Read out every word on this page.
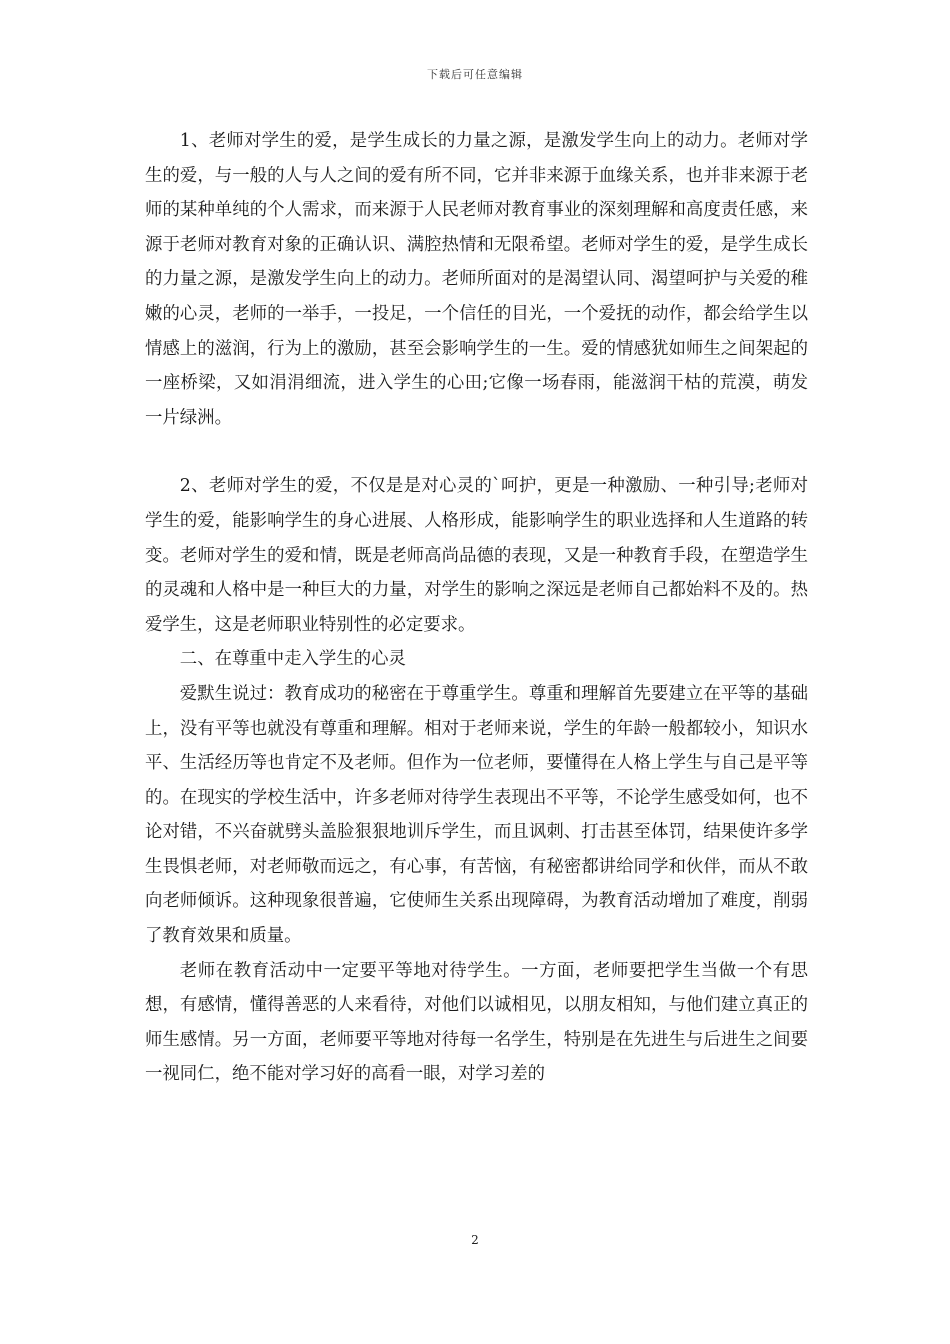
下载后可任意编辑

1、老师对学生的爱，是学生成长的力量之源，是激发学生向上的动力。老师对学生的爱，与一般的人与人之间的爱有所不同，它并非来源于血缘关系，也并非来源于老师的某种单纯的个人需求，而来源于人民老师对教育事业的深刻理解和高度责任感，来源于老师对教育对象的正确认识、满腔热情和无限希望。老师对学生的爱，是学生成长的力量之源，是激发学生向上的动力。老师所面对的是渴望认同、渴望呵护与关爱的稚嫩的心灵，老师的一举手，一投足，一个信任的目光，一个爱抚的动作，都会给学生以情感上的滋润，行为上的激励，甚至会影响学生的一生。爱的情感犹如师生之间架起的一座桥梁，又如涓涓细流，进入学生的心田;它像一场春雨，能滋润干枯的荒漠，萌发一片绿洲。

2、老师对学生的爱，不仅是是对心灵的`呵护，更是一种激励、一种引导;老师对学生的爱，能影响学生的身心进展、人格形成，能影响学生的职业选择和人生道路的转变。老师对学生的爱和情，既是老师高尚品德的表现，又是一种教育手段，在塑造学生的灵魂和人格中是一种巨大的力量，对学生的影响之深远是老师自己都始料不及的。热爱学生，这是老师职业特别性的必定要求。

二、在尊重中走入学生的心灵

爱默生说过：教育成功的秘密在于尊重学生。尊重和理解首先要建立在平等的基础上，没有平等也就没有尊重和理解。相对于老师来说，学生的年龄一般都较小，知识水平、生活经历等也肯定不及老师。但作为一位老师，要懂得在人格上学生与自己是平等的。在现实的学校生活中，许多老师对待学生表现出不平等，不论学生感受如何，也不论对错，不兴奋就劈头盖脸狠狠地训斥学生，而且讽刺、打击甚至体罚，结果使许多学生畏惧老师，对老师敬而远之，有心事，有苦恼，有秘密都讲给同学和伙伴，而从不敢向老师倾诉。这种现象很普遍，它使师生关系出现障碍，为教育活动增加了难度，削弱了教育效果和质量。

老师在教育活动中一定要平等地对待学生。一方面，老师要把学生当做一个有思想，有感情，懂得善恶的人来看待，对他们以诚相见，以朋友相知，与他们建立真正的师生感情。另一方面，老师要平等地对待每一名学生，特别是在先进生与后进生之间要一视同仁，绝不能对学习好的高看一眼，对学习差的

2
